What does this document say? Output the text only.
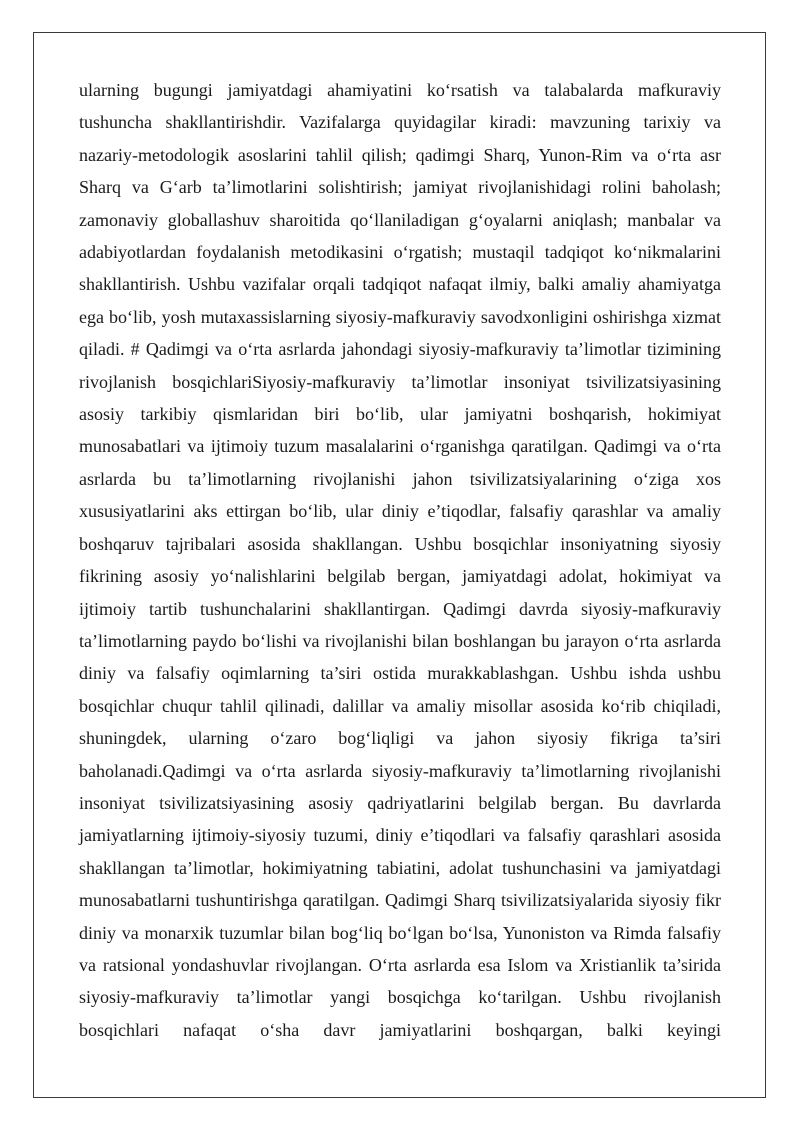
ularning bugungi jamiyatdagi ahamiyatini ko‘rsatish va talabalarda mafkuraviy tushuncha shakllantirishdir. Vazifalarga quyidagilar kiradi: mavzuning tarixiy va nazariy-metodologik asoslarini tahlil qilish; qadimgi Sharq, Yunon-Rim va o‘rta asr Sharq va G‘arb ta’limotlarini solishtirish; jamiyat rivojlanishidagi rolini baholash; zamonaviy globallashuv sharoitida qo‘llaniladigan g‘oyalarni aniqlash; manbalar va adabiyotlardan foydalanish metodikasini o‘rgatish; mustaqil tadqiqot ko‘nikmalarini shakllantirish. Ushbu vazifalar orqali tadqiqot nafaqat ilmiy, balki amaliy ahamiyatga ega bo‘lib, yosh mutaxassislarning siyosiy-mafkuraviy savodxonligini oshirishga xizmat qiladi. # Qadimgi va o‘rta asrlarda jahondagi siyosiy-mafkuraviy ta’limotlar tizimining rivojlanish bosqichlariSiyosiy-mafkuraviy ta’limotlar insoniyat tsivilizatsiyasining asosiy tarkibiy qismlaridan biri bo‘lib, ular jamiyatni boshqarish, hokimiyat munosabatlari va ijtimoiy tuzum masalalarini o‘rganishga qaratilgan. Qadimgi va o‘rta asrlarda bu ta’limotlarning rivojlanishi jahon tsivilizatsiyalarining o‘ziga xos xususiyatlarini aks ettirgan bo‘lib, ular diniy e’tiqodlar, falsafiy qarashlar va amaliy boshqaruv tajribalari asosida shakllangan. Ushbu bosqichlar insoniyatning siyosiy fikrining asosiy yo‘nalishlarini belgilab bergan, jamiyatdagi adolat, hokimiyat va ijtimoiy tartib tushunchalarini shakllantirgan. Qadimgi davrda siyosiy-mafkuraviy ta’limotlarning paydo bo‘lishi va rivojlanishi bilan boshlangan bu jarayon o‘rta asrlarda diniy va falsafiy oqimlarning ta’siri ostida murakkablashgan. Ushbu ishda ushbu bosqichlar chuqur tahlil qilinadi, dalillar va amaliy misollar asosida ko‘rib chiqiladi, shuningdek, ularning o‘zaro bog‘liqligi va jahon siyosiy fikriga ta’siri baholanadi.Qadimgi va o‘rta asrlarda siyosiy-mafkuraviy ta’limotlarning rivojlanishi insoniyat tsivilizatsiyasining asosiy qadriyatlarini belgilab bergan. Bu davrlarda jamiyatlarning ijtimoiy-siyosiy tuzumi, diniy e’tiqodlari va falsafiy qarashlari asosida shakllangan ta’limotlar, hokimiyatning tabiatini, adolat tushunchasini va jamiyatdagi munosabatlarni tushuntirishga qaratilgan. Qadimgi Sharq tsivilizatsiyalarida siyosiy fikr diniy va monarxik tuzumlar bilan bog‘liq bo‘lgan bo‘lsa, Yunoniston va Rimda falsafiy va ratsional yondashuvlar rivojlangan. O‘rta asrlarda esa Islom va Xristianlik ta’sirida siyosiy-mafkuraviy ta’limotlar yangi bosqichga ko‘tarilgan. Ushbu rivojlanish bosqichlari nafaqat o‘sha davr jamiyatlarini boshqargan, balki keyingi
